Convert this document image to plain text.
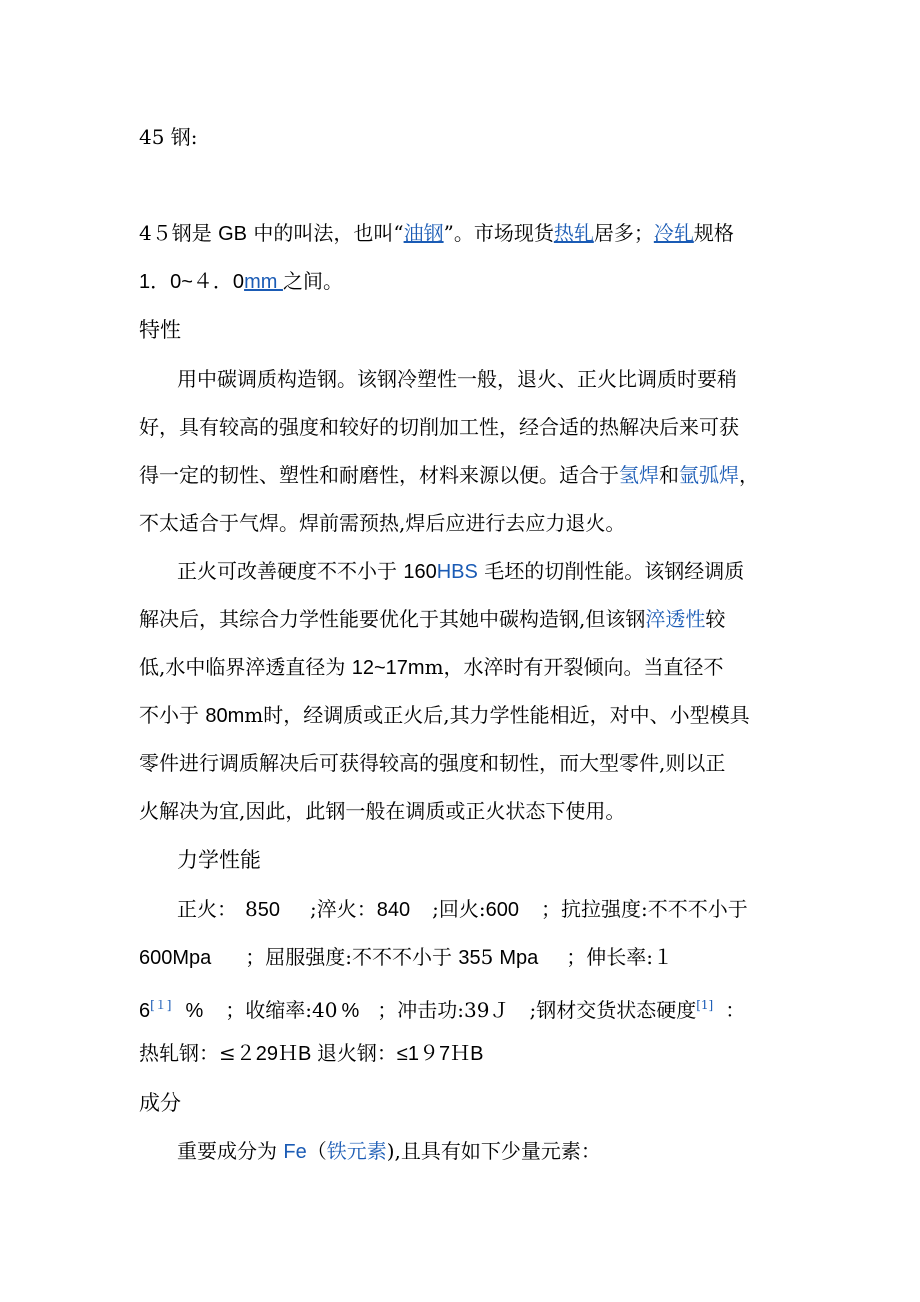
45 钢:
4５钢是 GB 中的叫法，也叫“油钢”。市场现货热轧居多；冷轧规格
1．0~４．0mm 之间。
特性
用中碳调质构造钢。该钢冷塑性一般，退火、正火比调质时要稍
好，具有较高的强度和较好的切削加工性，经合适的热解决后来可获
得一定的韧性、塑性和耐磨性，材料来源以便。适合于氢焊和氩弧焊，
不太适合于气焊。焊前需预热,焊后应进行去应力退火。
正火可改善硬度不不小于 160HBS 毛坯的切削性能。该钢经调质
解决后，其综合力学性能要优化于其她中碳构造钢,但该钢淬透性较
低,水中临界淬透直径为 12~17mm，水淬时有开裂倾向。当直径不
不小于 80mm时，经调质或正火后,其力学性能相近，对中、小型模具
零件进行调质解决后可获得较高的强度和韧性，而大型零件,则以正
火解决为宜,因此，此钢一般在调质或正火状态下使用。
力学性能
正火： 850 ;淬火：840 ;回火:600 ；抗拉强度:不不不小于
600Mpa ；屈服强度:不不不小于 355 Mpa ；伸长率:１
6[１] % ；收缩率:40 % ；冲击功:39Ｊ ;钢材交货状态硬度[1] ：
热轧钢：≤２29ＨB 退火钢：≤1９7ＨB
成分
重要成分为 Fe（铁元素),且具有如下少量元素：
